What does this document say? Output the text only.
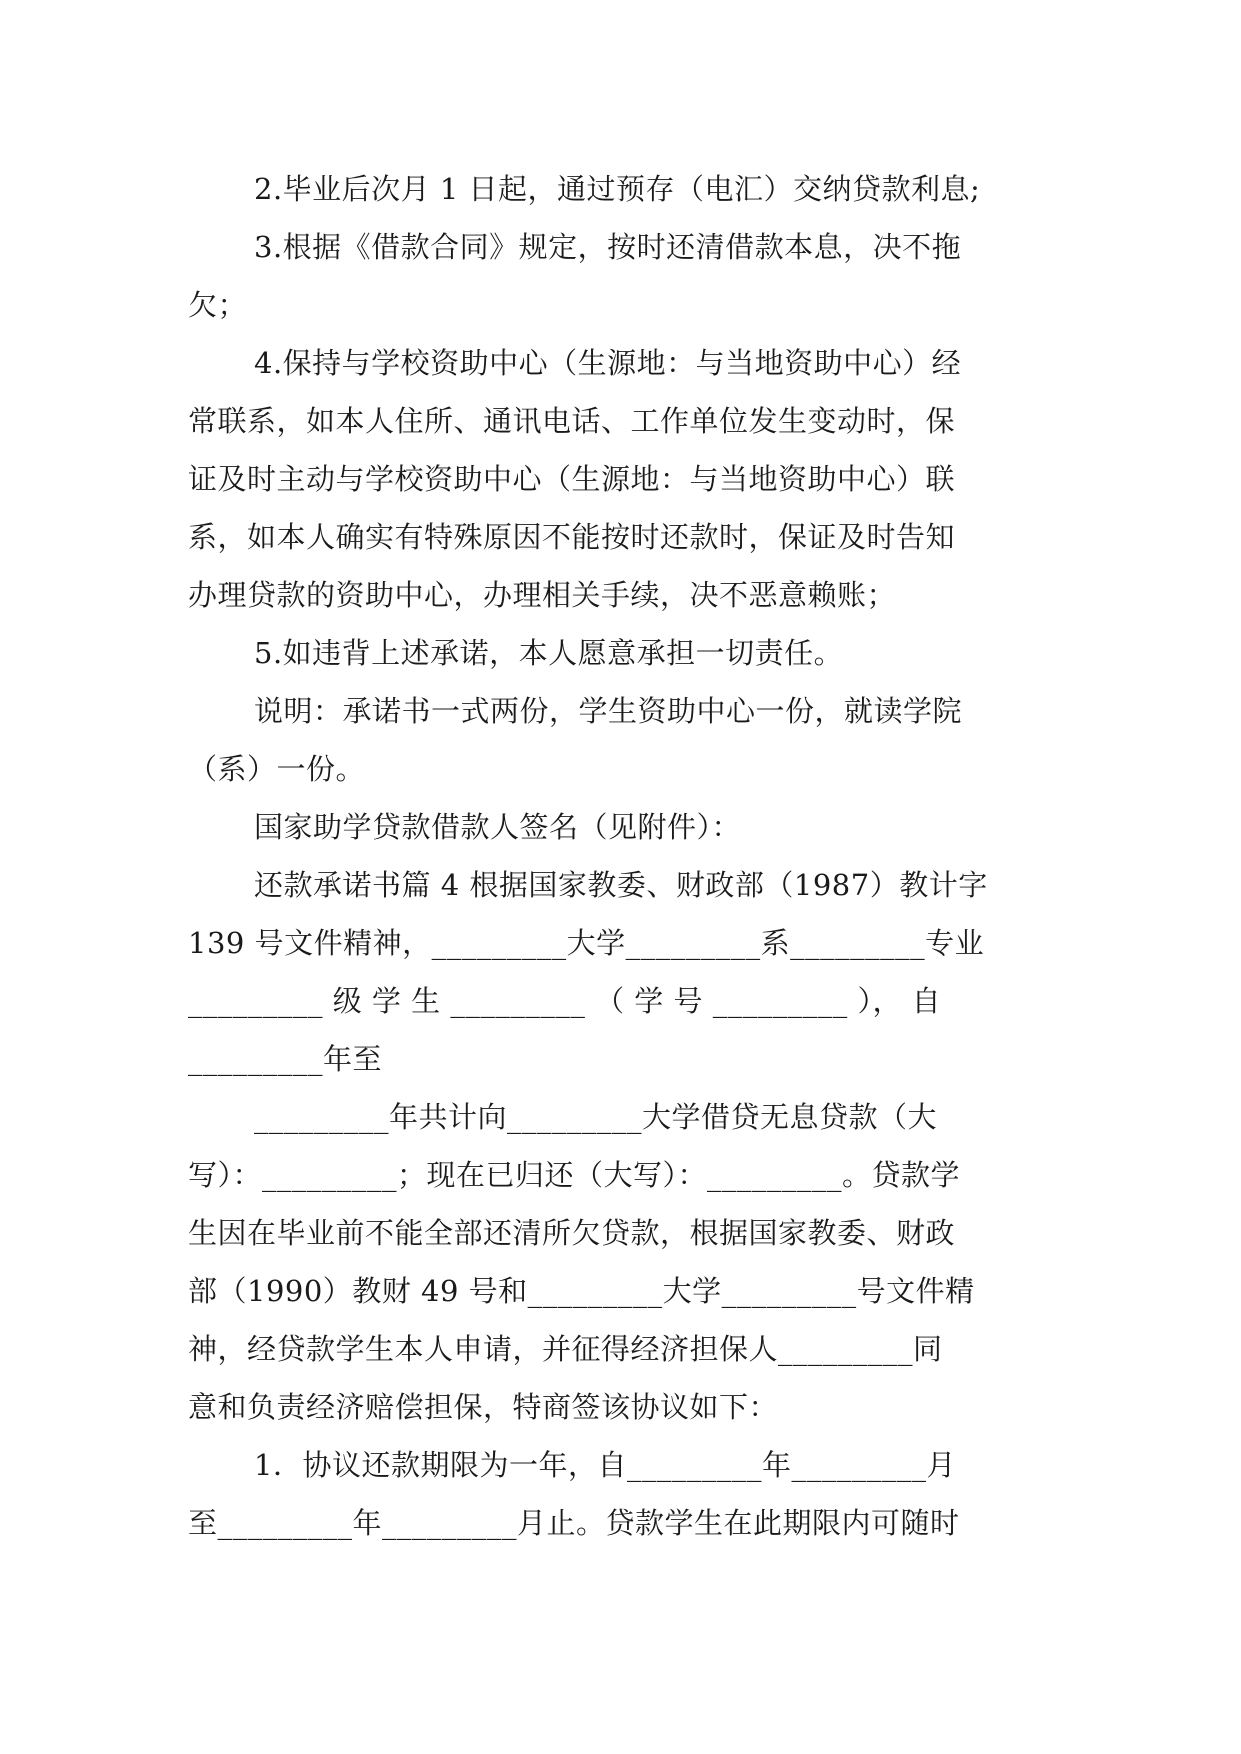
2.毕业后次月 1 日起，通过预存（电汇）交纳贷款利息;
3.根据《借款合同》规定，按时还清借款本息，决不拖
欠；
4.保持与学校资助中心（生源地：与当地资助中心）经
常联系，如本人住所、通讯电话、工作单位发生变动时，保
证及时主动与学校资助中心（生源地：与当地资助中心）联
系，如本人确实有特殊原因不能按时还款时，保证及时告知
办理贷款的资助中心，办理相关手续，决不恶意赖账；
5.如违背上述承诺，本人愿意承担一切责任。
说明：承诺书一式两份，学生资助中心一份，就读学院
（系）一份。
国家助学贷款借款人签名（见附件）：
还款承诺书篇 4 根据国家教委、财政部（1987）教计字
139 号文件精神，_________大学_________系_________专业
_________ 级 学 生 _________ （ 学 号 _________ ）， 自
_________年至
_________年共计向_________大学借贷无息贷款（大
写）：_________；现在已归还（大写）：_________。贷款学
生因在毕业前不能全部还清所欠贷款，根据国家教委、财政
部（1990）教财 49 号和_________大学_________号文件精
神，经贷款学生本人申请，并征得经济担保人_________同
意和负责经济赔偿担保，特商签该协议如下：
1．协议还款期限为一年，自_________年_________月
至_________年_________月止。贷款学生在此期限内可随时
